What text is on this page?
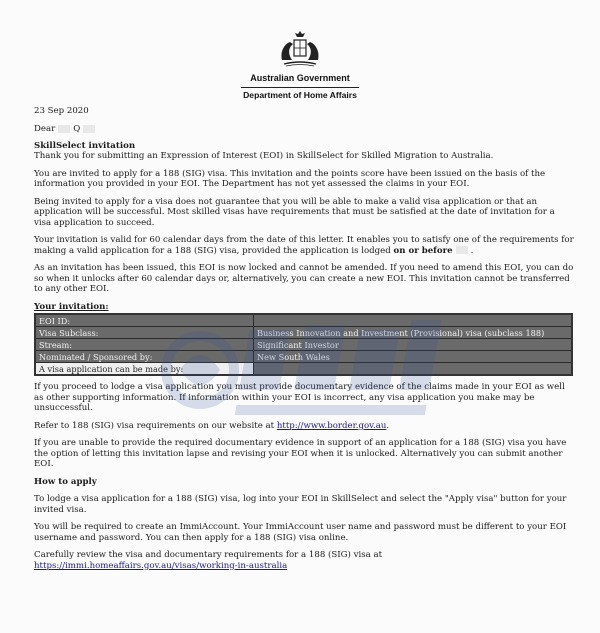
Australian Government
Department of Home Affairs

23 Sep 2020

Dear Q

SkillSelect invitation

Thank you for submitting an Expression of Interest (EOI) in SkillSelect for Skilled Migration to Australia.

You are invited to apply for a 188 (SIG) visa. This invitation and the points score have been issued on the basis of the information you provided in your EOI. The Department has not yet assessed the claims in your EOI.

Being invited to apply for a visa does not guarantee that you will be able to make a valid visa application or that an application will be successful. Most skilled visas have requirements that must be satisfied at the date of invitation for a visa application to succeed.

Your invitation is valid for 60 calendar days from the date of this letter. It enables you to satisfy one of the requirements for making a valid application for a 188 (SIG) visa, provided the application is lodged on or before .

As an invitation has been issued, this EOI is now locked and cannot be amended. If you need to amend this EOI, you can do so when it unlocks after 60 calendar days or, alternatively, you can create a new EOI. This invitation cannot be transferred to any other EOI.

Your invitation:

EOI ID:	
Visa Subclass:	Business Innovation and Investment (Provisional) visa (subclass 188)
Stream:	Significant Investor
Nominated / Sponsored by:	New South Wales
A visa application can be made by:	

If you proceed to lodge a visa application you must provide documentary evidence of the claims made in your EOI as well as other supporting information. If information within your EOI is incorrect, any visa application you make may be unsuccessful.

Refer to 188 (SIG) visa requirements on our website at http://www.border.gov.au.

If you are unable to provide the required documentary evidence in support of an application for a 188 (SIG) visa you have the option of letting this invitation lapse and revising your EOI when it is unlocked. Alternatively you can submit another EOI.

How to apply

To lodge a visa application for a 188 (SIG) visa, log into your EOI in SkillSelect and select the "Apply visa" button for your invited visa.

You will be required to create an ImmiAccount. Your ImmiAccount user name and password must be different to your EOI username and password. You can then apply for a 188 (SIG) visa online.

Carefully review the visa and documentary requirements for a 188 (SIG) visa at
https://immi.homeaffairs.gov.au/visas/working-in-australia
